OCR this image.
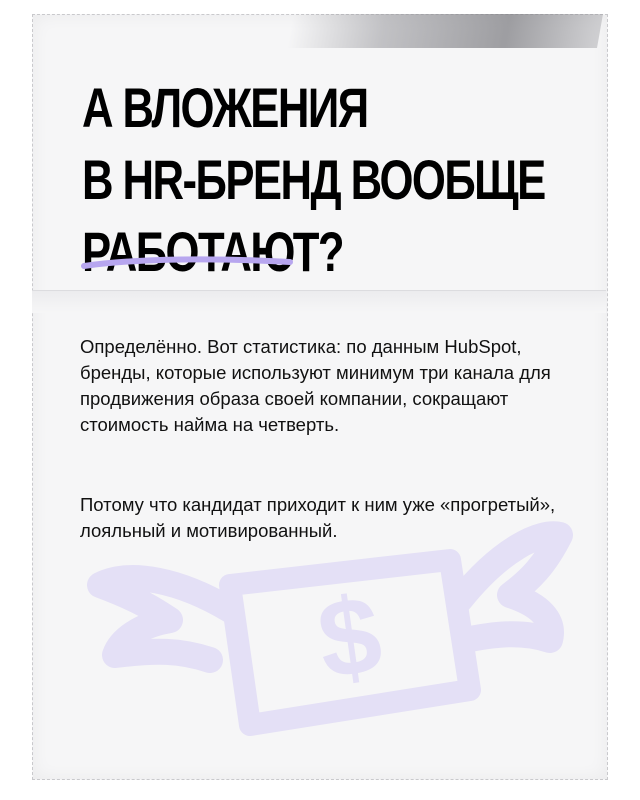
$
А ВЛОЖЕНИЯ
В HR-БРЕНД ВООБЩЕ
РАБОТАЮТ?

Определённо. Вот статистика: по данным HubSpot, бренды, которые используют минимум три канала для продвижения образа своей компании, сокращают стоимость найма на четверть.

Потому что кандидат приходит к ним уже «прогретый», лояльный и мотивированный.
